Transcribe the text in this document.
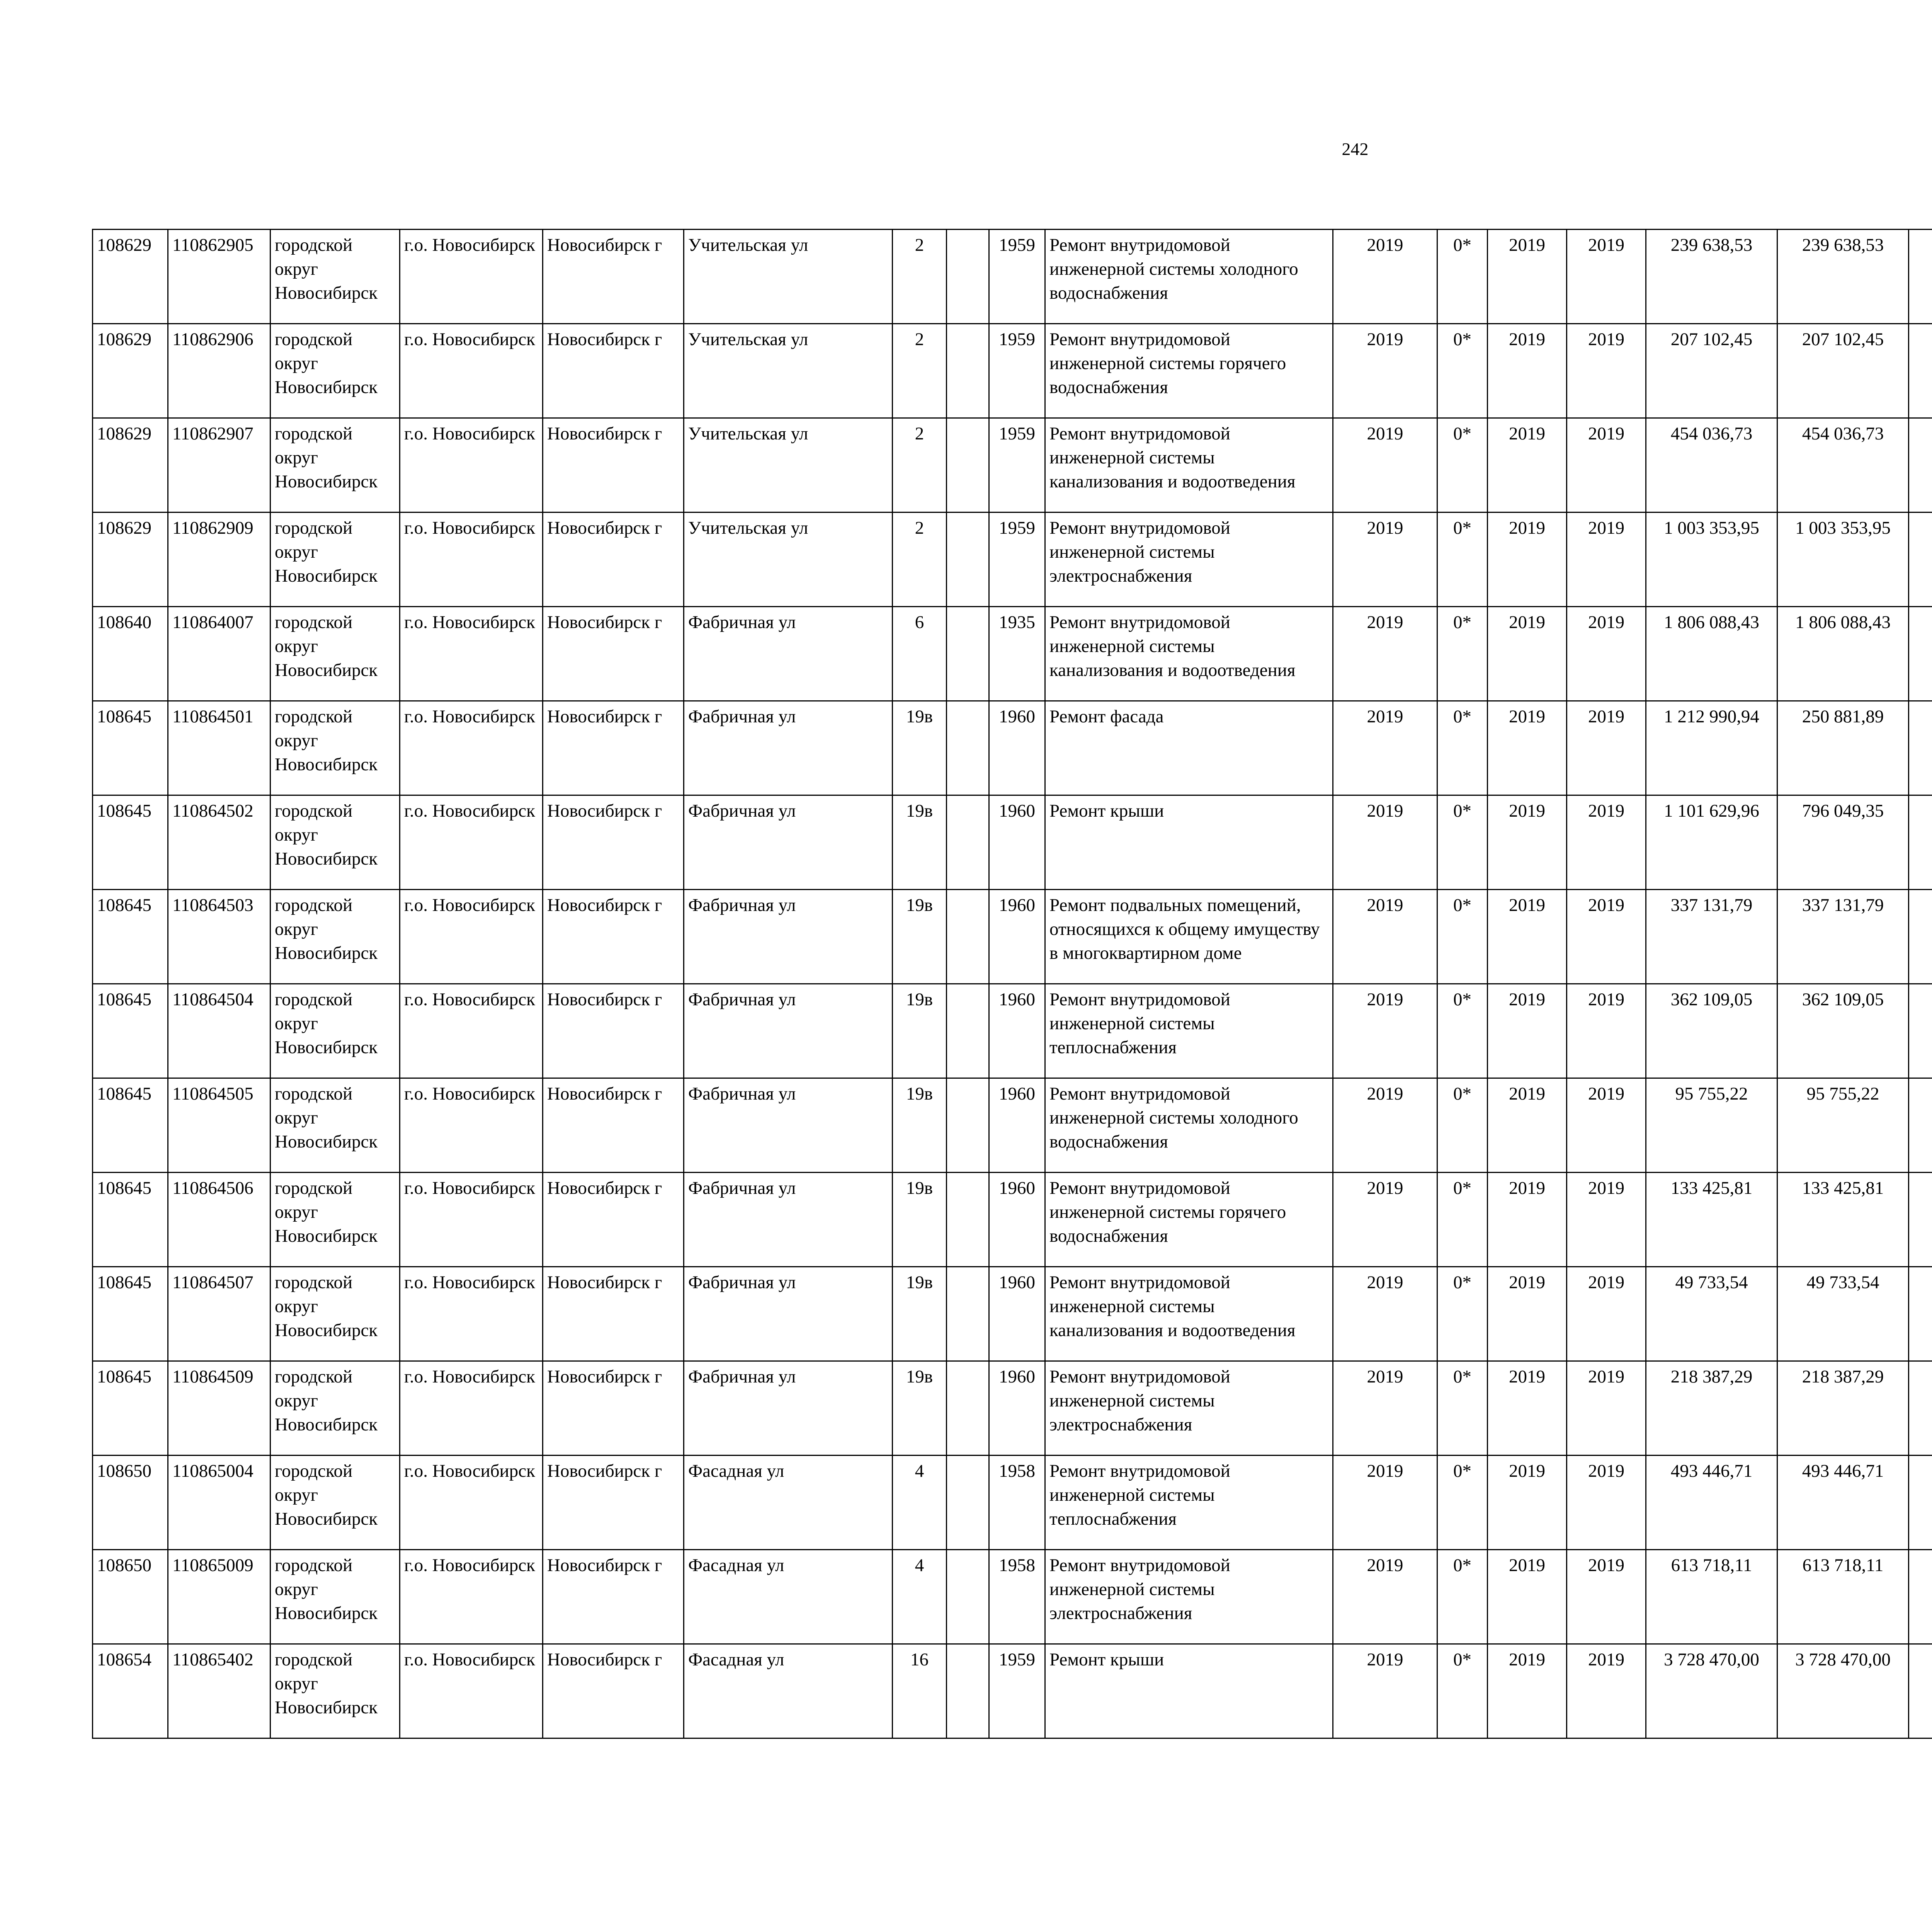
242
108629	110862905	городской округ Новосибирск	г.о. Новосибирск	Новосибирск г	Учительская ул	2		1959	Ремонт внутридомовой инженерной системы холодного водоснабжения	2019	0*	2019	2019	239 638,53	239 638,53						
108629	110862906	городской округ Новосибирск	г.о. Новосибирск	Новосибирск г	Учительская ул	2		1959	Ремонт внутридомовой инженерной системы горячего водоснабжения	2019	0*	2019	2019	207 102,45	207 102,45						
108629	110862907	городской округ Новосибирск	г.о. Новосибирск	Новосибирск г	Учительская ул	2		1959	Ремонт внутридомовой инженерной системы канализования и водоотведения	2019	0*	2019	2019	454 036,73	454 036,73						
108629	110862909	городской округ Новосибирск	г.о. Новосибирск	Новосибирск г	Учительская ул	2		1959	Ремонт внутридомовой инженерной системы электроснабжения	2019	0*	2019	2019	1 003 353,95	1 003 353,95						
108640	110864007	городской округ Новосибирск	г.о. Новосибирск	Новосибирск г	Фабричная ул	6		1935	Ремонт внутридомовой инженерной системы канализования и водоотведения	2019	0*	2019	2019	1 806 088,43	1 806 088,43						
108645	110864501	городской округ Новосибирск	г.о. Новосибирск	Новосибирск г	Фабричная ул	19в		1960	Ремонт фасада	2019	0*	2019	2019	1 212 990,94	250 881,89						
108645	110864502	городской округ Новосибирск	г.о. Новосибирск	Новосибирск г	Фабричная ул	19в		1960	Ремонт крыши	2019	0*	2019	2019	1 101 629,96	796 049,35						
108645	110864503	городской округ Новосибирск	г.о. Новосибирск	Новосибирск г	Фабричная ул	19в		1960	Ремонт подвальных помещений, относящихся к общему имуществу в многоквартирном доме	2019	0*	2019	2019	337 131,79	337 131,79						
108645	110864504	городской округ Новосибирск	г.о. Новосибирск	Новосибирск г	Фабричная ул	19в		1960	Ремонт внутридомовой инженерной системы теплоснабжения	2019	0*	2019	2019	362 109,05	362 109,05						
108645	110864505	городской округ Новосибирск	г.о. Новосибирск	Новосибирск г	Фабричная ул	19в		1960	Ремонт внутридомовой инженерной системы холодного водоснабжения	2019	0*	2019	2019	95 755,22	95 755,22						
108645	110864506	городской округ Новосибирск	г.о. Новосибирск	Новосибирск г	Фабричная ул	19в		1960	Ремонт внутридомовой инженерной системы горячего водоснабжения	2019	0*	2019	2019	133 425,81	133 425,81						
108645	110864507	городской округ Новосибирск	г.о. Новосибирск	Новосибирск г	Фабричная ул	19в		1960	Ремонт внутридомовой инженерной системы канализования и водоотведения	2019	0*	2019	2019	49 733,54	49 733,54						
108645	110864509	городской округ Новосибирск	г.о. Новосибирск	Новосибирск г	Фабричная ул	19в		1960	Ремонт внутридомовой инженерной системы электроснабжения	2019	0*	2019	2019	218 387,29	218 387,29						
108650	110865004	городской округ Новосибирск	г.о. Новосибирск	Новосибирск г	Фасадная ул	4		1958	Ремонт внутридомовой инженерной системы теплоснабжения	2019	0*	2019	2019	493 446,71	493 446,71						
108650	110865009	городской округ Новосибирск	г.о. Новосибирск	Новосибирск г	Фасадная ул	4		1958	Ремонт внутридомовой инженерной системы электроснабжения	2019	0*	2019	2019	613 718,11	613 718,11						
108654	110865402	городской округ Новосибирск	г.о. Новосибирск	Новосибирск г	Фасадная ул	16		1959	Ремонт крыши	2019	0*	2019	2019	3 728 470,00	3 728 470,00						
